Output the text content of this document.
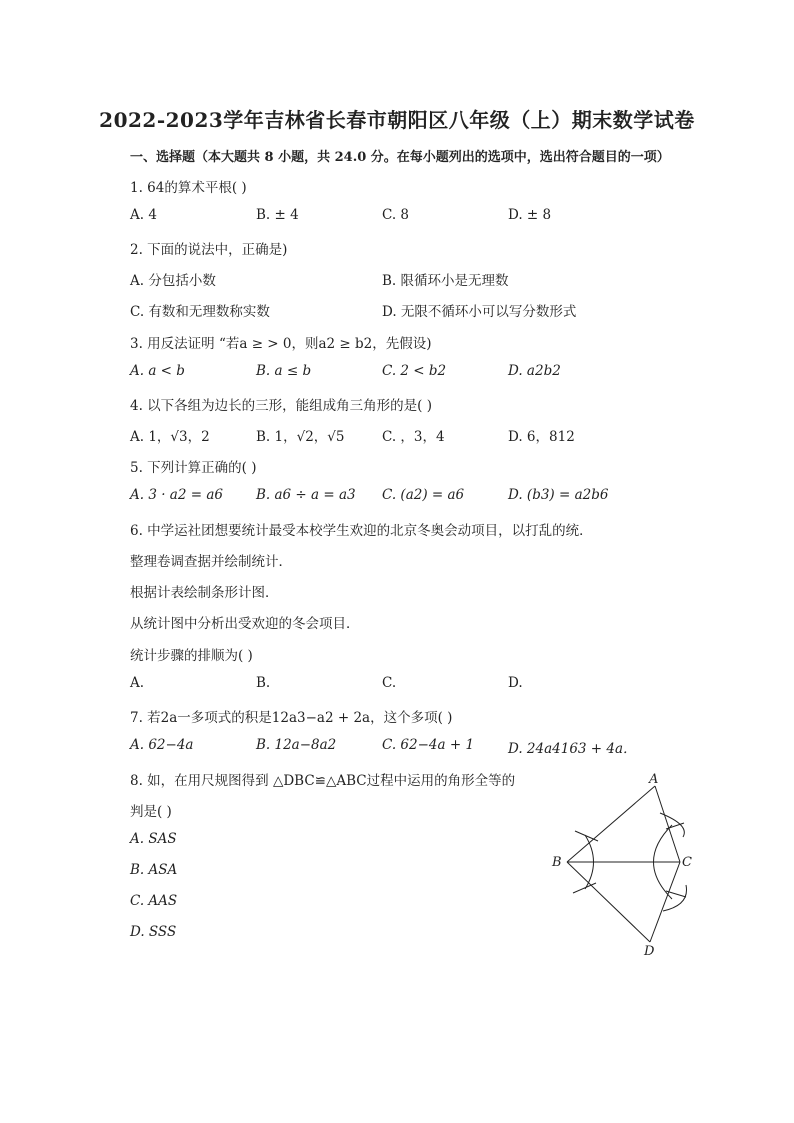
2022-2023学年吉林省长春市朝阳区八年级（上）期末数学试卷
一、选择题（本大题共 8 小题，共 24.0 分。在每小题列出的选项中，选出符合题目的一项）
1. 64的算术平根( )
A. 4	B. ± 4	C. 8	D. ± 8
2. 下面的说法中，正确是)
A. 分包括小数	B. 限循环小是无理数
C. 有数和无理数称实数	D. 无限不循环小可以写分数形式
3. 用反法证明 “若a ≥ > 0，则a2 ≥ b2，先假设)
A. a < b	B. a ≤ b	C. 2 < b2	D. a2b2
4. 以下各组为边长的三形，能组成角三角形的是( )
A. 1，√3，2	B. 1，√2，√5	C. ，3，4	D. 6，812
5. 下列计算正确的( )
A. 3 · a2 = a6 B. a6 ÷ a = a3 C. (a2) = a6	D. (b3) = a2b6
6. 中学运社团想要统计最受本校学生欢迎的北京冬奥会动项目，以打乱的统．
整理卷调查据并绘制统计．
根据计表绘制条形计图．
从统计图中分析出受欢迎的冬会项目．
统计步骤的排顺为( )
A.	B.	C.	D.
7. 若2a一多项式的积是12a3−a2 + 2a，这个多项( )
A. 62−4a	B. 12a−8a2	C. 62−4a + 1	D. 24a4163 + 4a．
8. 如，在用尺规图得到 △DBC≌△ABC过程中运用的角形全等的
判是( )
A. SAS
B. ASA
C. AAS
D. SSS
A
B	C
D
